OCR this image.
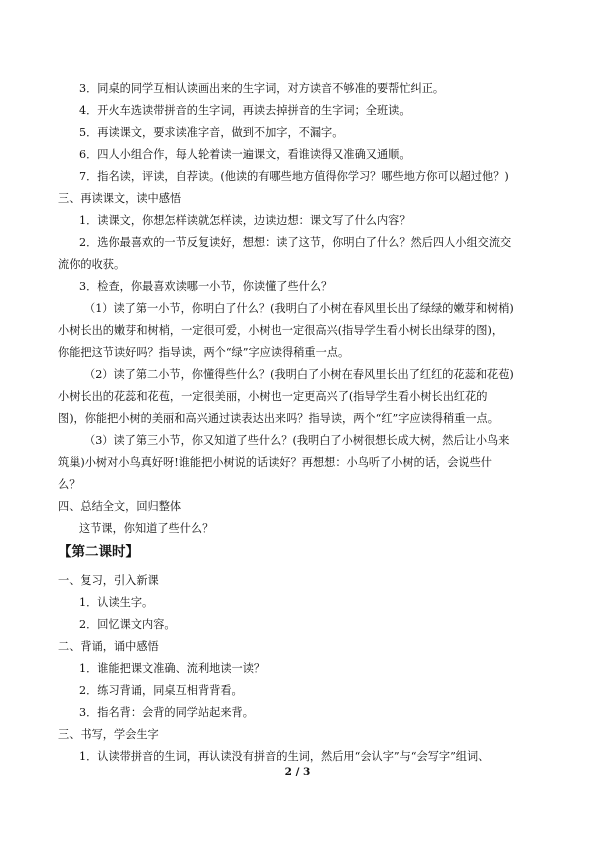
3．同桌的同学互相认读画出来的生字词，对方读音不够准的要帮忙纠正。
4．开火车选读带拼音的生字词，再读去掉拼音的生字词；全班读。
5．再读课文，要求读准字音，做到不加字，不漏字。
6．四人小组合作，每人轮着读一遍课文，看谁读得又准确又通顺。
7．指名读，评读，自荐读。(他读的有哪些地方值得你学习？哪些地方你可以超过他？)
三、再读课文，读中感悟
1．读课文，你想怎样读就怎样读，边读边想：课文写了什么内容？
2．选你最喜欢的一节反复读好，想想：读了这节，你明白了什么？然后四人小组交流交
流你的收获。
3．检查，你最喜欢读哪一小节，你读懂了些什么？
（1）读了第一小节，你明白了什么？(我明白了小树在春风里长出了绿绿的嫩芽和树梢)
小树长出的嫩芽和树梢，一定很可爱，小树也一定很高兴(指导学生看小树长出绿芽的图)，
你能把这节读好吗？指导读，两个“绿”字应读得稍重一点。
（2）读了第二小节，你懂得些什么？(我明白了小树在春风里长出了红红的花蕊和花苞)
小树长出的花蕊和花苞，一定很美丽，小树也一定更高兴了(指导学生看小树长出红花的
图)，你能把小树的美丽和高兴通过读表达出来吗？指导读，两个“红”字应读得稍重一点。
（3）读了第三小节，你又知道了些什么？(我明白了小树很想长成大树，然后让小鸟来
筑巢)小树对小鸟真好呀!谁能把小树说的话读好？再想想：小鸟听了小树的话，会说些什
么？
四、总结全文，回归整体
这节课，你知道了些什么？
【第二课时】
一、复习，引入新课
1．认读生字。
2．回忆课文内容。
二、背诵，诵中感悟
1．谁能把课文准确、流利地读一读？
2．练习背诵，同桌互相背背看。
3．指名背：会背的同学站起来背。
三、书写，学会生字
1．认读带拼音的生词，再认读没有拼音的生词，然后用“会认字”与“会写字”组词、
2 / 3
